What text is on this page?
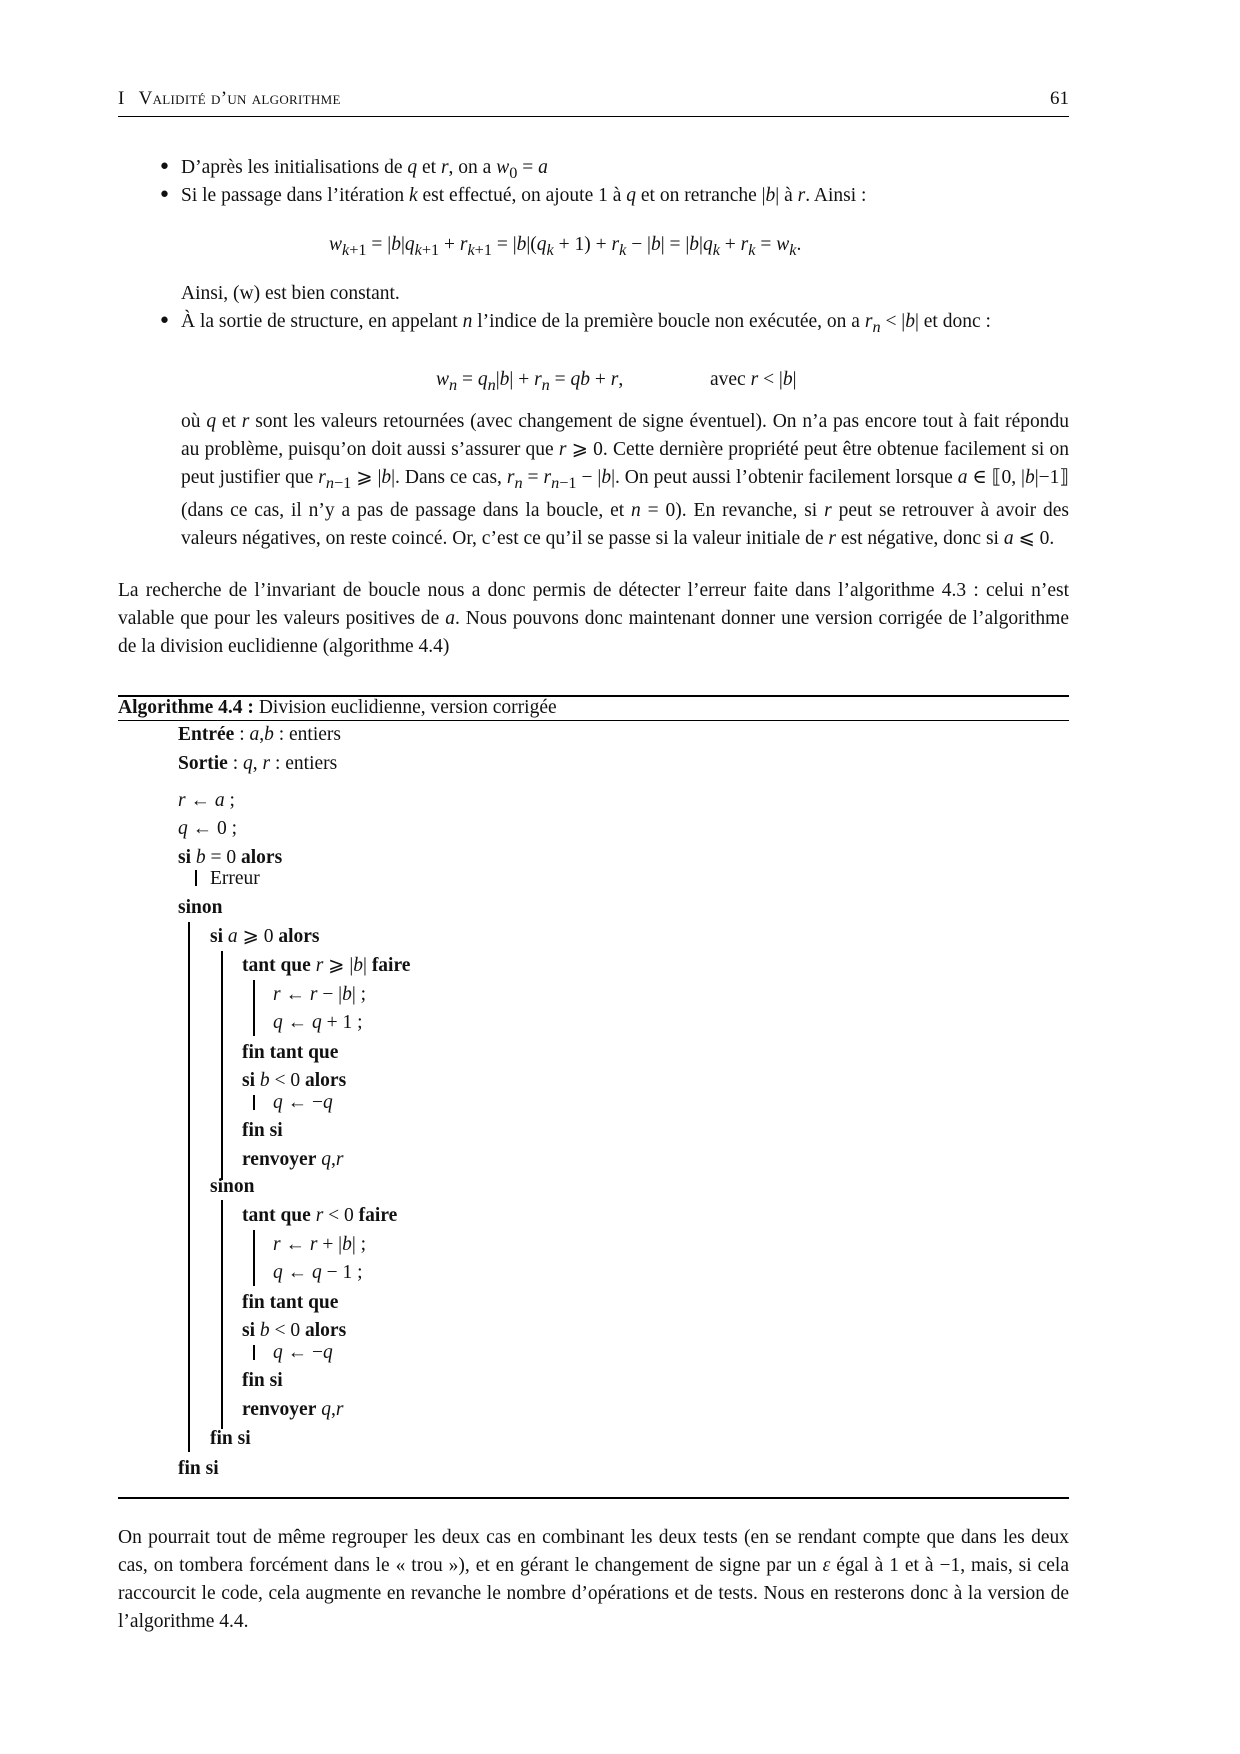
I Validité d’un algorithme	61
• D’après les initialisations de q et r, on a $w_0 = a$
• Si le passage dans l’itération k est effectué, on ajoute 1 à q et on retranche |b| à r. Ainsi :
$w_{k+1} = |b|q_{k+1} + r_{k+1} = |b|(q_k + 1) + r_k - |b| = |b|q_k + r_k = w_k$.
Ainsi, (w) est bien constant.
• À la sortie de structure, en appelant n l’indice de la première boucle non exécutée, on a $r_n < |b|$ et donc :
$w_n = q_n|b| + r_n$ = qb + r,	avec r < |b|
où q et r sont les valeurs retournées (avec changement de signe éventuel). On n’a pas encore tout à fait répondu au problème, puisqu’on doit aussi s’assurer que r ⩾ 0. Cette dernière propriété peut être obtenue facilement si on peut justifier que $r_{n-1}$ ⩾ |b|. Dans ce cas, $r_n = r_{n-1} - |b|$. On peut aussi l’obtenir facilement lorsque a ∈ ⟦0, |b|−1⟧ (dans ce cas, il n’y a pas de passage dans la boucle, et n = 0). En revanche, si r peut se retrouver à avoir des valeurs négatives, on reste coincé. Or, c’est ce qu’il se passe si la valeur initiale de r est négative, donc si a ⩽ 0.
La recherche de l’invariant de boucle nous a donc permis de détecter l’erreur faite dans l’algorithme 4.3 : celui n’est valable que pour les valeurs positives de a. Nous pouvons donc maintenant donner une version corrigée de l’algorithme de la division euclidienne (algorithme 4.4)
Algorithme 4.4 : Division euclidienne, version corrigée
Entrée : a,b : entiers
Sortie : q, r : entiers
r ← a ;
q ← 0 ;
si b = 0 alors
Erreur
sinon
si a ⩾ 0 alors
tant que r ⩾ |b| faire
r ← r − |b| ;
q ← q + 1 ;
fin tant que
si b < 0 alors
q ← −q
fin si
renvoyer q,r
sinon
tant que r < 0 faire
r ← r + |b| ;
q ← q − 1 ;
fin tant que
si b < 0 alors
q ← −q
fin si
renvoyer q,r
fin si
fin si
On pourrait tout de même regrouper les deux cas en combinant les deux tests (en se rendant compte que dans les deux cas, on tombera forcément dans le « trou »), et en gérant le changement de signe par un ε égal à 1 et à −1, mais, si cela raccourcit le code, cela augmente en revanche le nombre d’opérations et de tests. Nous en resterons donc à la version de l’algorithme 4.4.
